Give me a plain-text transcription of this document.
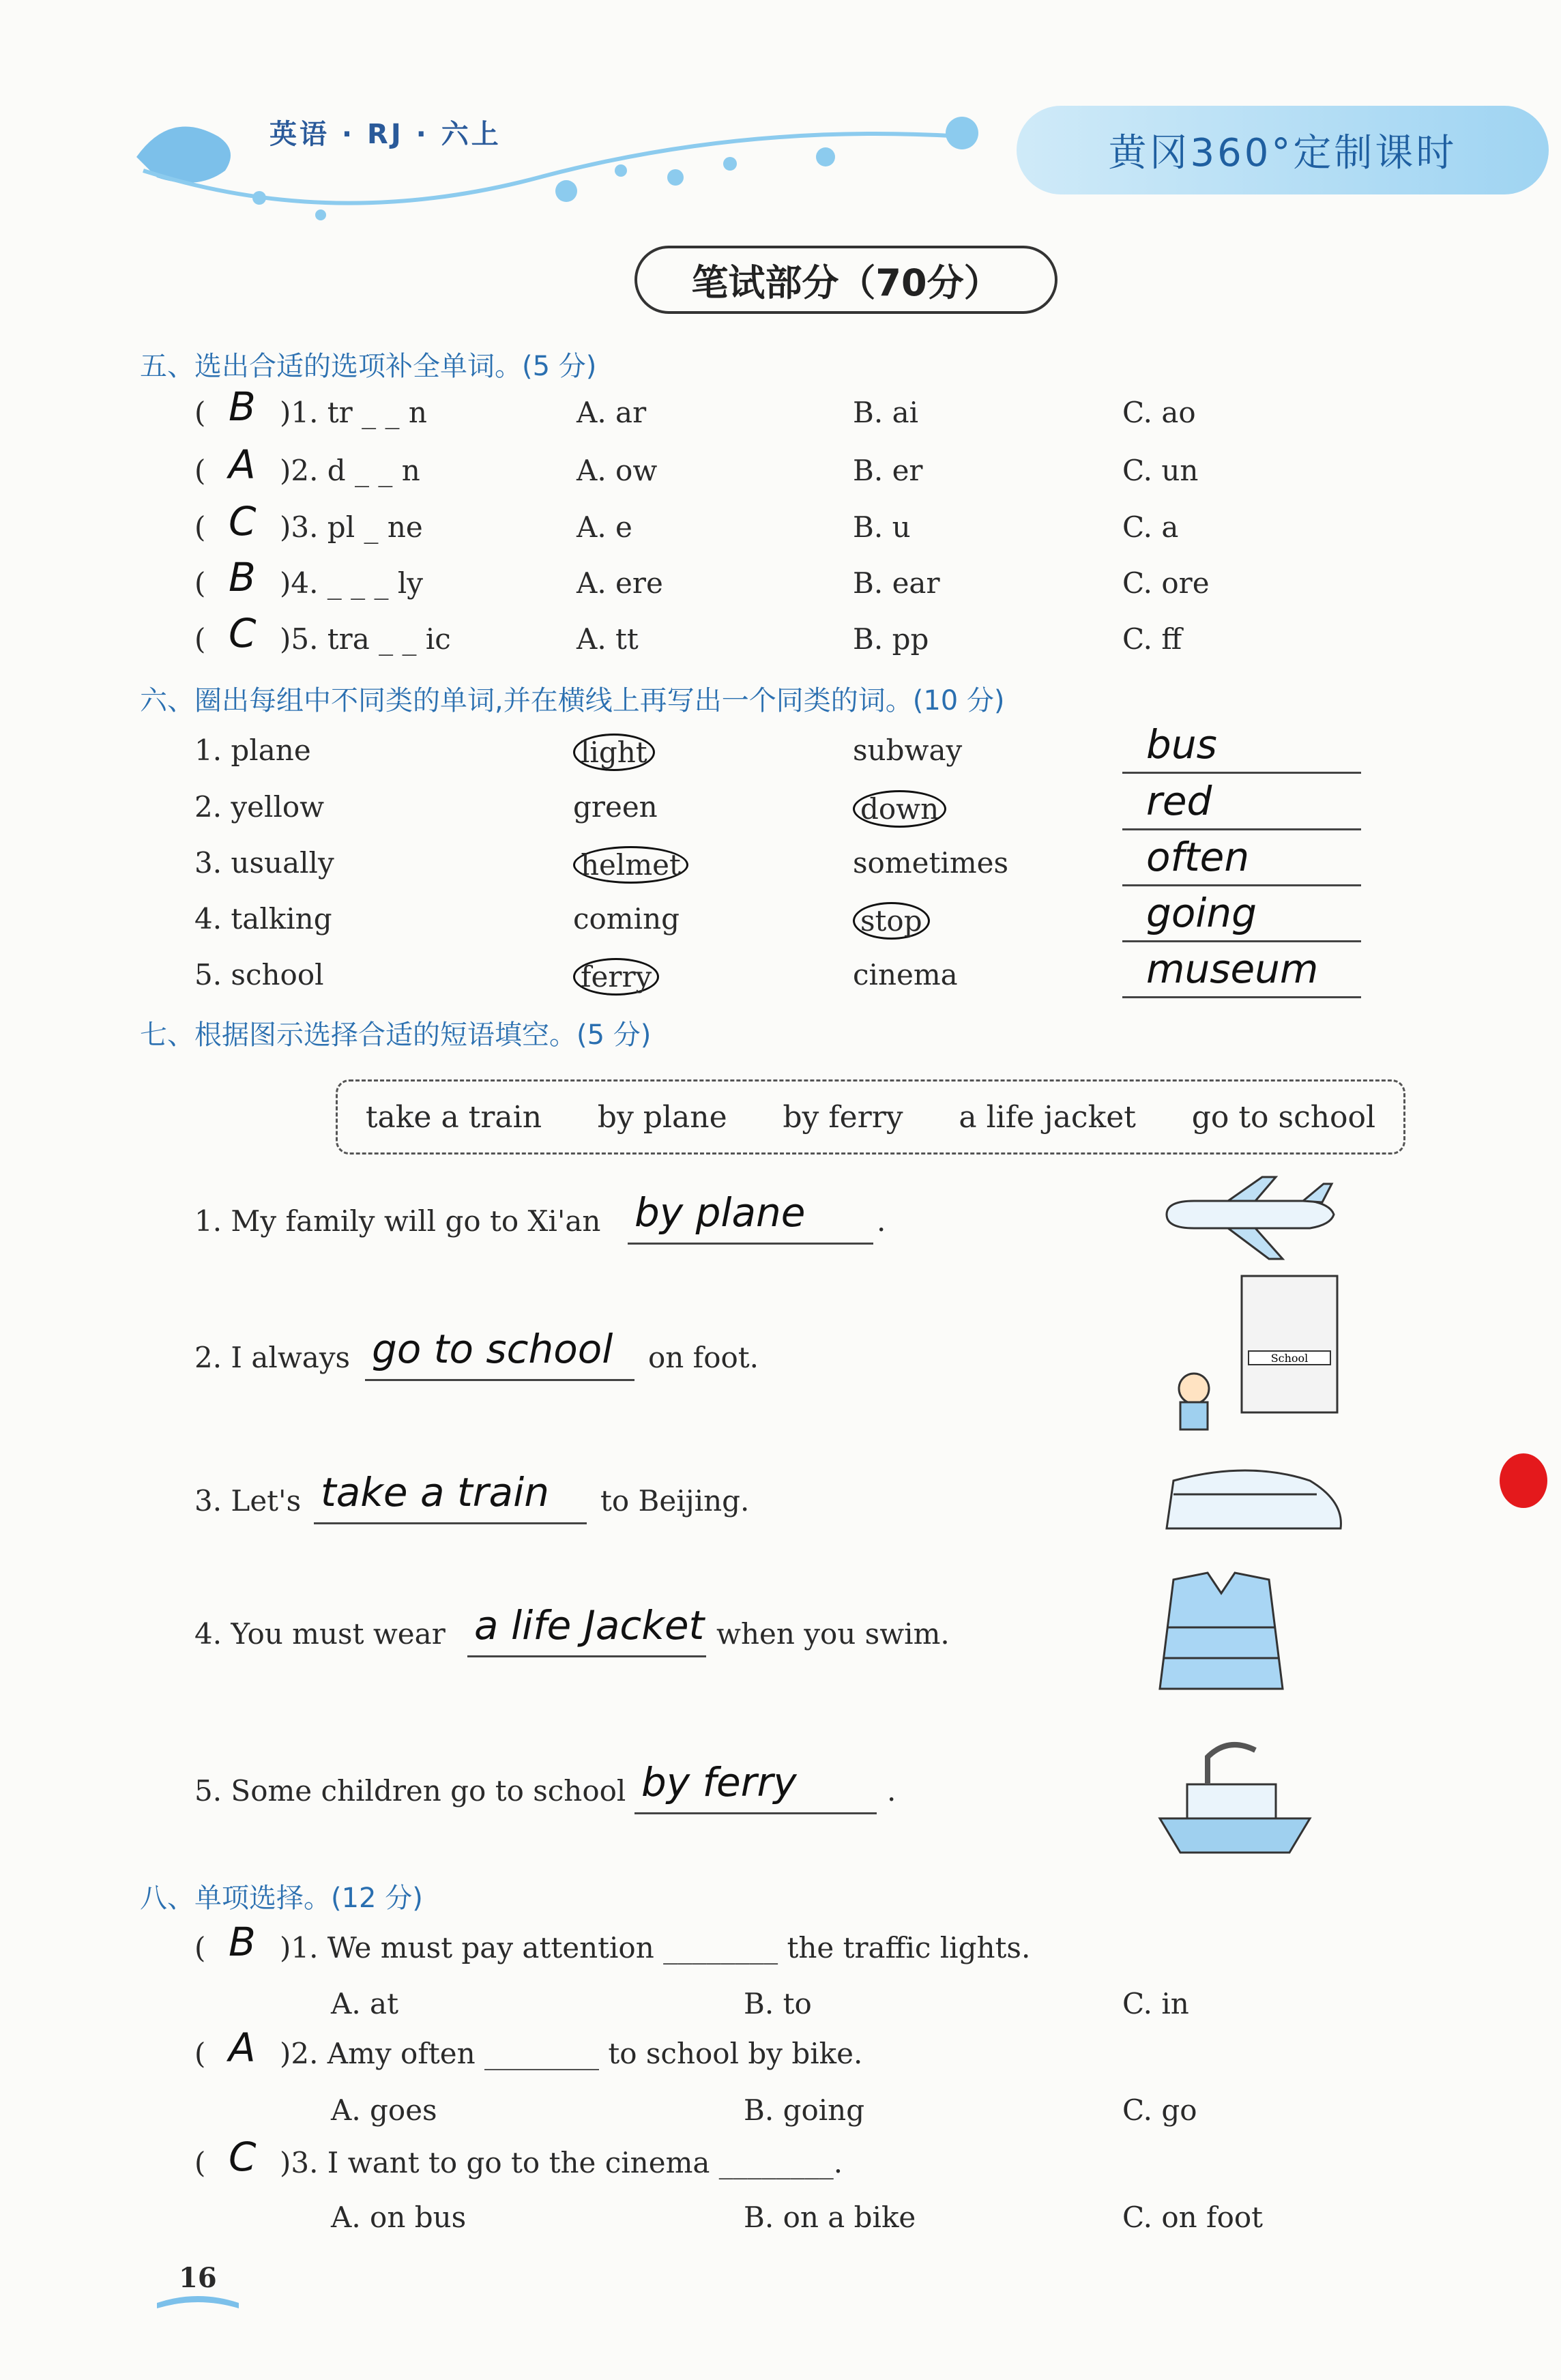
英语 · RJ · 六上	黄冈360°定制课时
笔试部分（70分）
五、选出合适的选项补全单词。(5 分)
( B )1. tr _ _ n	A. ar	B. ai	C. ao
( A )2. d _ _ n	A. ow	B. er	C. un
( C )3. pl _ ne	A. e	B. u	C. a
( B )4. _ _ _ ly	A. ere	B. ear	C. ore
( C )5. tra _ _ ic	A. tt	B. pp	C. ff
六、圈出每组中不同类的单词,并在横线上再写出一个同类的词。(10 分)
1. plane	light	subway	bus
2. yellow	green	down	red
3. usually	helmet	sometimes	often
4. talking	coming	stop	going
5. school	ferry	cinema	museum
七、根据图示选择合适的短语填空。(5 分)
take a train by plane by ferry a life jacket go to school
1. My family will go to Xi'an by plane .
2. I always go to school on foot.
3. Let's take a train to Beijing.
4. You must wear a life Jacket when you swim.
5. Some children go to school by ferry	.
School
八、单项选择。(12 分)
( B )1. We must pay attention ________ the traffic lights.
A. at	B. to	C. in
( A )2. Amy often ________ to school by bike.
A. goes	B. going	C. go
( C )3. I want to go to the cinema ________.
A. on bus	B. on a bike	C. on foot
16
